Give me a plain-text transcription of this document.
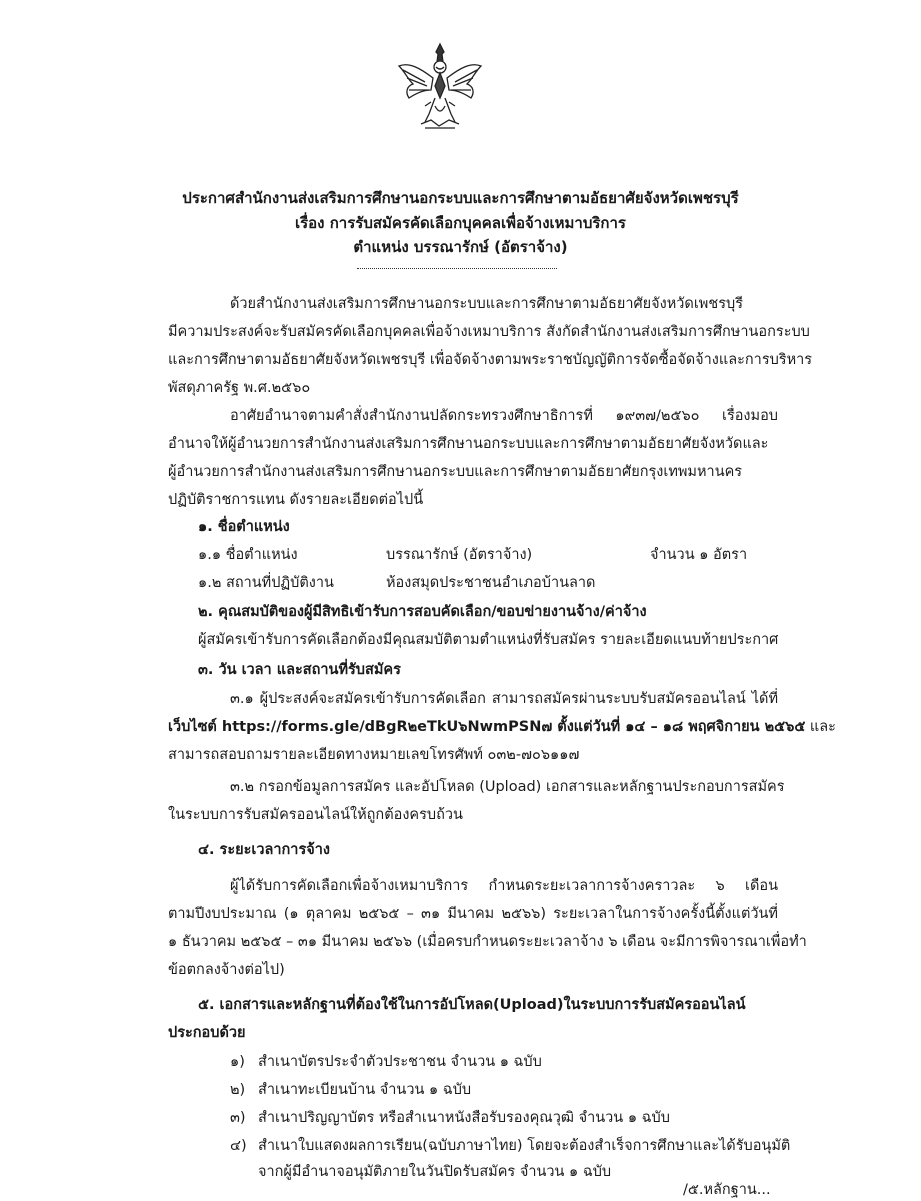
ประกาศสำนักงานส่งเสริมการศึกษานอกระบบและการศึกษาตามอัธยาศัยจังหวัดเพชรบุรี
เรื่อง การรับสมัครคัดเลือกบุคคลเพื่อจ้างเหมาบริการ
ตำแหน่ง บรรณารักษ์ (อัตราจ้าง)
ด้วยสำนักงานส่งเสริมการศึกษานอกระบบและการศึกษาตามอัธยาศัยจังหวัดเพชรบุรี
มีความประสงค์จะรับสมัครคัดเลือกบุคคลเพื่อจ้างเหมาบริการ สังกัดสำนักงานส่งเสริมการศึกษานอกระบบ
และการศึกษาตามอัธยาศัยจังหวัดเพชรบุรี เพื่อจัดจ้างตามพระราชบัญญัติการจัดซื้อจัดจ้างและการบริหาร
พัสดุภาครัฐ พ.ศ.๒๕๖๐
อาศัยอำนาจตามคำสั่งสำนักงานปลัดกระทรวงศึกษาธิการที่ ๑๙๓๗/๒๕๖๐ เรื่องมอบ
อำนาจให้ผู้อำนวยการสำนักงานส่งเสริมการศึกษานอกระบบและการศึกษาตามอัธยาศัยจังหวัดและ
ผู้อำนวยการสำนักงานส่งเสริมการศึกษานอกระบบและการศึกษาตามอัธยาศัยกรุงเทพมหานคร
ปฏิบัติราชการแทน ดังรายละเอียดต่อไปนี้
๑. ชื่อตำแหน่ง
๑.๑ ชื่อตำแหน่ง	บรรณารักษ์ (อัตราจ้าง)	จำนวน ๑ อัตรา
๑.๒ สถานที่ปฏิบัติงาน	ห้องสมุดประชาชนอำเภอบ้านลาด
๒. คุณสมบัติของผู้มีสิทธิเข้ารับการสอบคัดเลือก/ขอบข่ายงานจ้าง/ค่าจ้าง
ผู้สมัครเข้ารับการคัดเลือกต้องมีคุณสมบัติตามตำแหน่งที่รับสมัคร รายละเอียดแนบท้ายประกาศ
๓. วัน เวลา และสถานที่รับสมัคร
๓.๑ ผู้ประสงค์จะสมัครเข้ารับการคัดเลือก สามารถสมัครผ่านระบบรับสมัครออนไลน์ ได้ที่
เว็บไซต์ https://forms.gle/dBgR๒eTkU๖NwmPSN๗ ตั้งแต่วันที่ ๑๔ – ๑๘ พฤศจิกายน ๒๕๖๕ และ
สามารถสอบถามรายละเอียดทางหมายเลขโทรศัพท์ ๐๓๒-๗๐๖๑๑๗
๓.๒ กรอกข้อมูลการสมัคร และอัปโหลด (Upload) เอกสารและหลักฐานประกอบการสมัคร
ในระบบการรับสมัครออนไลน์ให้ถูกต้องครบถ้วน
๔. ระยะเวลาการจ้าง
ผู้ได้รับการคัดเลือกเพื่อจ้างเหมาบริการ กำหนดระยะเวลาการจ้างคราวละ ๖ เดือน
ตามปีงบประมาณ (๑ ตุลาคม ๒๕๖๕ – ๓๑ มีนาคม ๒๕๖๖) ระยะเวลาในการจ้างครั้งนี้ตั้งแต่วันที่
๑ ธันวาคม ๒๕๖๕ – ๓๑ มีนาคม ๒๕๖๖ (เมื่อครบกำหนดระยะเวลาจ้าง ๖ เดือน จะมีการพิจารณาเพื่อทำ
ข้อตกลงจ้างต่อไป)
๕. เอกสารและหลักฐานที่ต้องใช้ในการอัปโหลด(Upload)ในระบบการรับสมัครออนไลน์
ประกอบด้วย
๑) สำเนาบัตรประจำตัวประชาชน จำนวน ๑ ฉบับ
๒) สำเนาทะเบียนบ้าน จำนวน ๑ ฉบับ
๓) สำเนาปริญญาบัตร หรือสำเนาหนังสือรับรองคุณวุฒิ จำนวน ๑ ฉบับ
๔) สำเนาใบแสดงผลการเรียน(ฉบับภาษาไทย) โดยจะต้องสำเร็จการศึกษาและได้รับอนุมัติ
จากผู้มีอำนาจอนุมัติภายในวันปิดรับสมัคร จำนวน ๑ ฉบับ
/๕.หลักฐาน...
